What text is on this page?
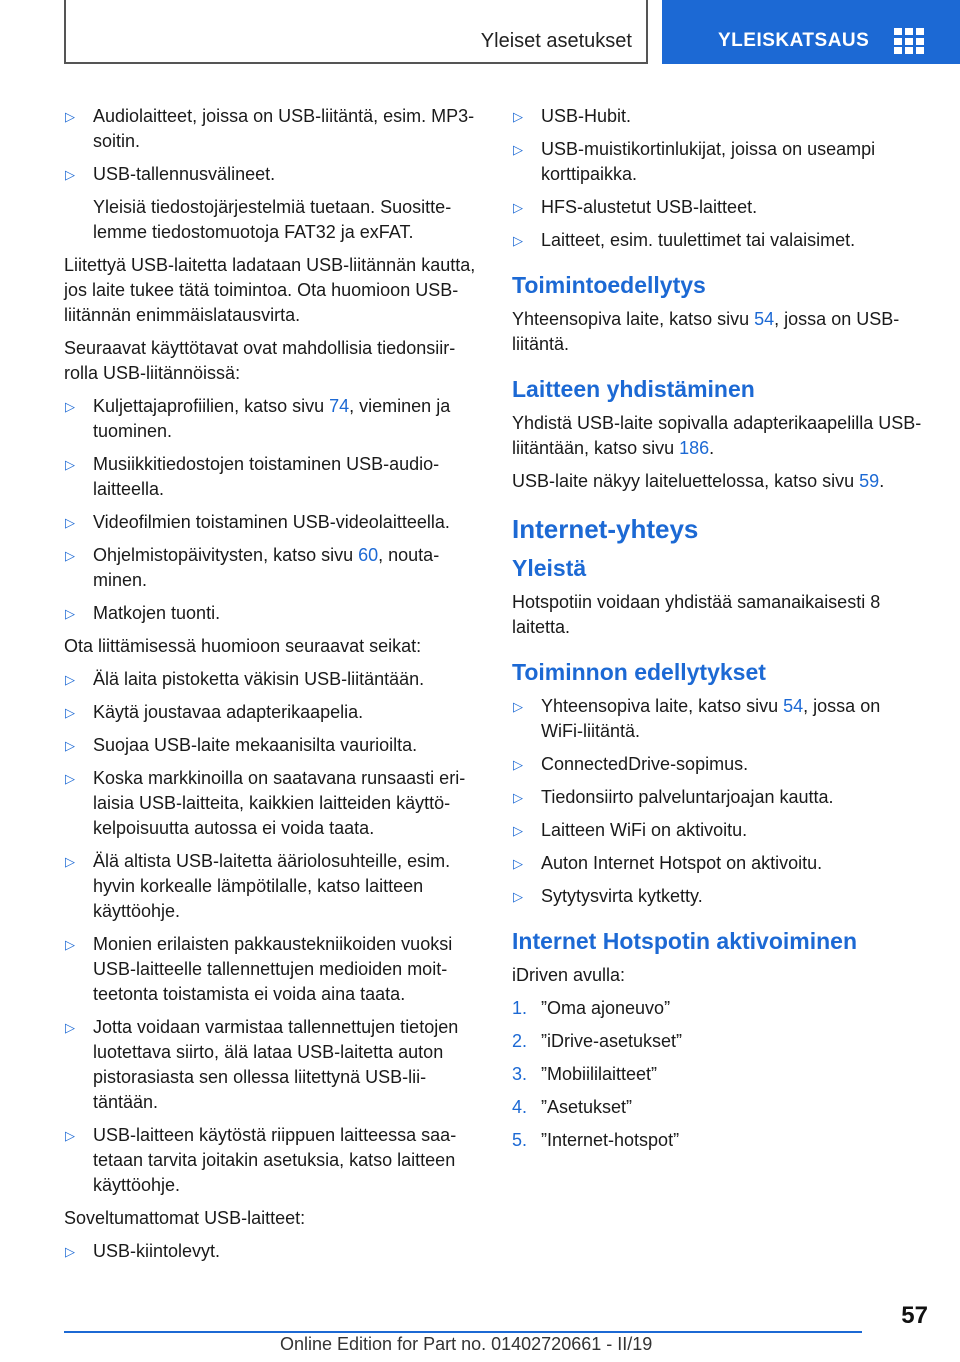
Yleiset asetukset	YLEISKATSAUS
▷ Audiolaitteet, joissa on USB-liitäntä, esim. MP3-soitin.
▷ USB-tallennusvälineet.
Yleisiä tiedostojärjestelmiä tuetaan. Suosittelemme tiedostomuotoja FAT32 ja exFAT.

Liitettyä USB-laitetta ladataan USB-liitännän kautta, jos laite tukee tätä toimintoa. Ota huomioon USB-liitännän enimmäislatausvirta.

Seuraavat käyttötavat ovat mahdollisia tiedonsiirrolla USB-liitännöissä:

▷ Kuljettajaprofiilien, katso sivu 74, vieminen ja tuominen.
▷ Musiikkitiedostojen toistaminen USB-audiolaitteella.
▷ Videofilmien toistaminen USB-videolaitteella.
▷ Ohjelmistopäivitysten, katso sivu 60, noutaminen.
▷ Matkojen tuonti.

Ota liittämisessä huomioon seuraavat seikat:

▷ Älä laita pistoketta väkisin USB-liitäntään.
▷ Käytä joustavaa adapterikaapelia.
▷ Suojaa USB-laite mekaanisilta vaurioilta.
▷ Koska markkinoilla on saatavana runsaasti erilaisia USB-laitteita, kaikkien laitteiden käyttökelpoisuutta autossa ei voida taata.
▷ Älä altista USB-laitetta ääriolosuhteille, esim. hyvin korkealle lämpötilalle, katso laitteen käyttöohje.
▷ Monien erilaisten pakkaustekniikoiden vuoksi USB-laitteelle tallennettujen medioiden moitteetonta toistamista ei voida aina taata.
▷ Jotta voidaan varmistaa tallennettujen tietojen luotettava siirto, älä lataa USB-laitetta auton pistorasiasta sen ollessa liitettynä USB-liitäntään.
▷ USB-laitteen käytöstä riippuen laitteessa saatetaan tarvita joitakin asetuksia, katso laitteen käyttöohje.

Soveltumattomat USB-laitteet:

▷ USB-kiintolevyt.
▷ USB-Hubit.
▷ USB-muistikortinlukijat, joissa on useampi korttipaikka.
▷ HFS-alustetut USB-laitteet.
▷ Laitteet, esim. tuulettimet tai valaisimet.
Toimintoedellytys

Yhteensopiva laite, katso sivu 54, jossa on USB-liitäntä.

Laitteen yhdistäminen

Yhdistä USB-laite sopivalla adapterikaapelilla USB-liitäntään, katso sivu 186.

USB-laite näkyy laiteluettelossa, katso sivu 59.

Internet-yhteys
Yleistä

Hotspotiin voidaan yhdistää samanaikaisesti 8 laitetta.

Toiminnon edellytykset
▷ Yhteensopiva laite, katso sivu 54, jossa on WiFi-liitäntä.
▷ ConnectedDrive-sopimus.
▷ Tiedonsiirto palveluntarjoajan kautta.
▷ Laitteen WiFi on aktivoitu.
▷ Auton Internet Hotspot on aktivoitu.
▷ Sytytysvirta kytketty.
Internet Hotspotin aktivoiminen

iDriven avulla:

1. ”Oma ajoneuvo”
2. ”iDrive-asetukset”
3. ”Mobiililaitteet”
4. ”Asetukset”
5. ”Internet-hotspot”
57
Online Edition for Part no. 01402720661 - II/19
